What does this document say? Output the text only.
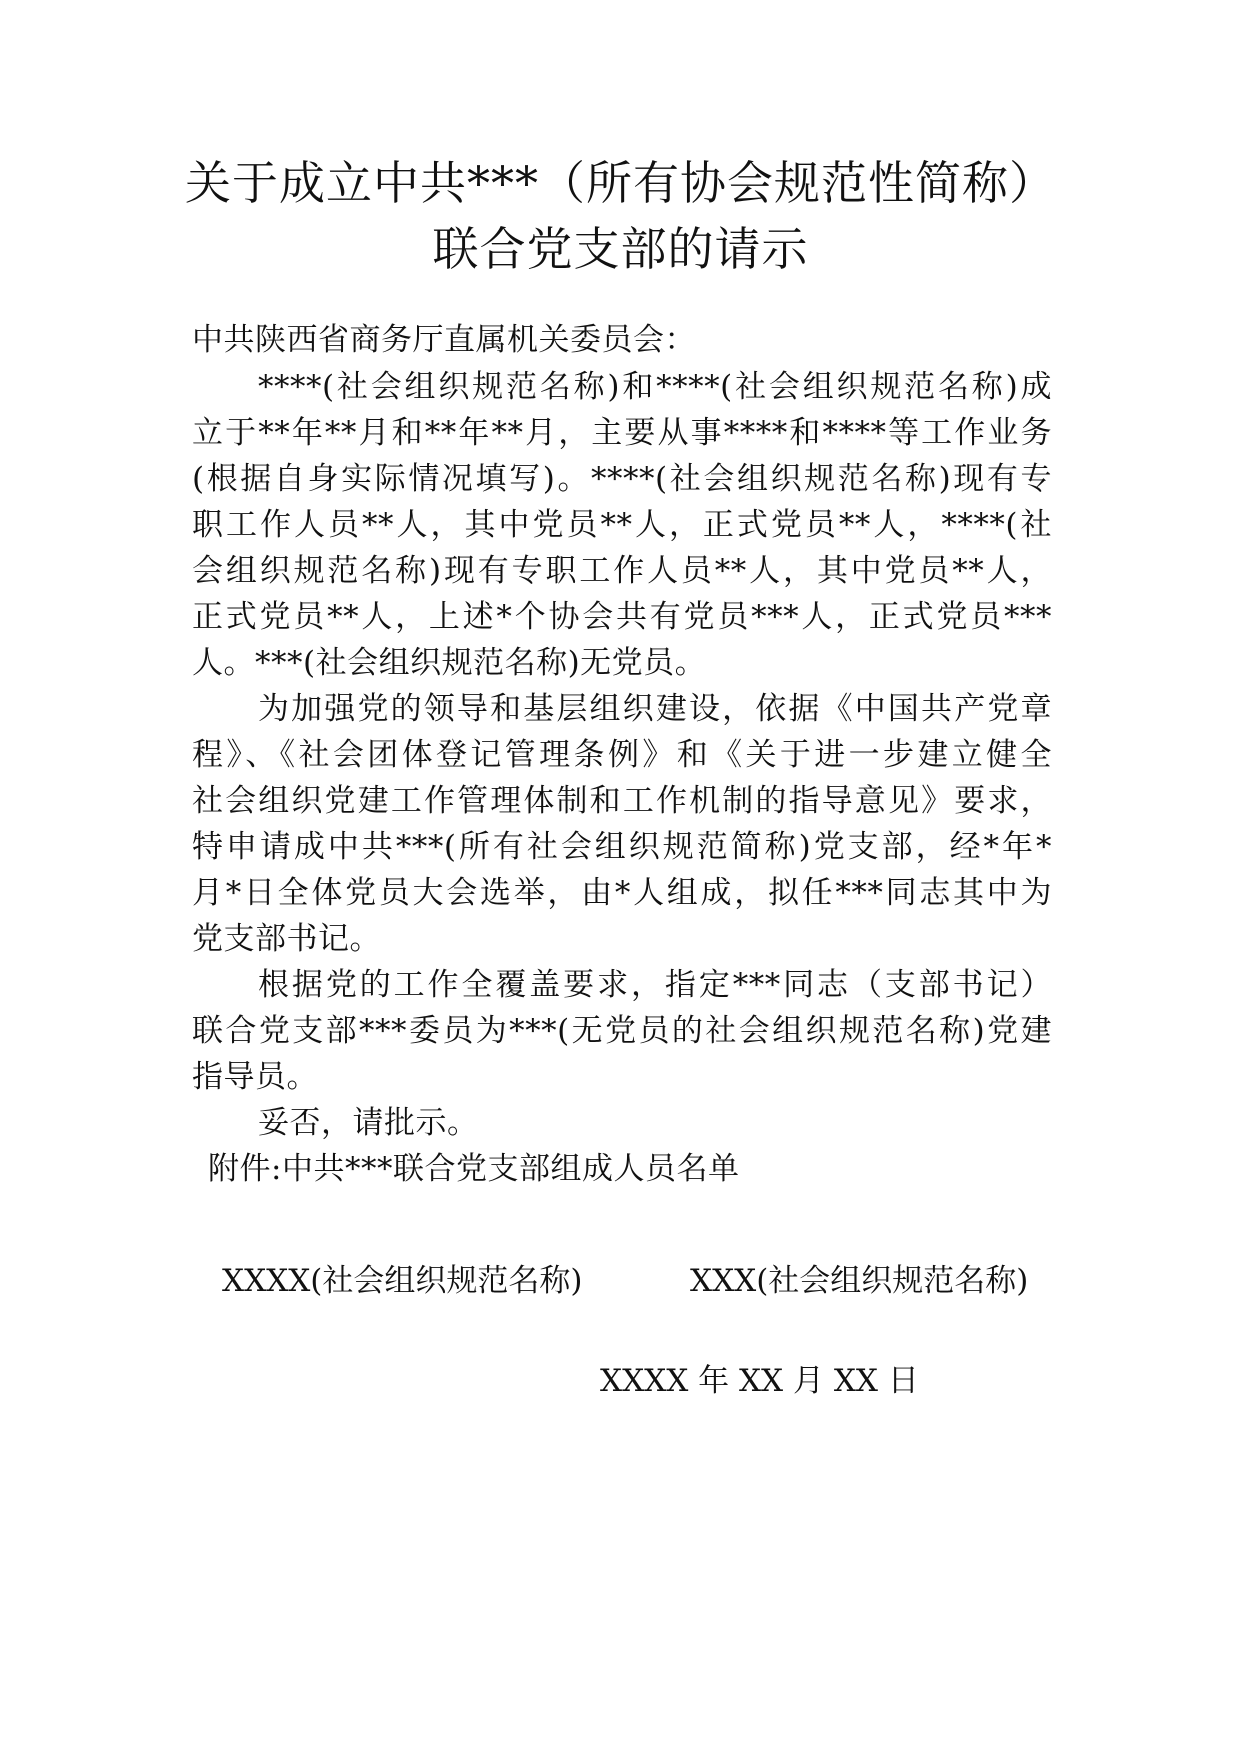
关于成立中共***（所有协会规范性简称）
联合党支部的请示
中共陕西省商务厅直属机关委员会：
****(社会组织规范名称)和****(社会组织规范名称)成
立于**年**月和**年**月，主要从事****和****等工作业务
(根据自身实际情况填写)。****(社会组织规范名称)现有专
职工作人员**人，其中党员**人，正式党员**人，****(社
会组织规范名称)现有专职工作人员**人，其中党员**人，
正式党员**人，上述*个协会共有党员***人，正式党员***
人。***(社会组织规范名称)无党员。
为加强党的领导和基层组织建设，依据《中国共产党章
程》、《社会团体登记管理条例》和《关于进一步建立健全
社会组织党建工作管理体制和工作机制的指导意见》要求，
特申请成中共***(所有社会组织规范简称)党支部，经*年*
月*日全体党员大会选举，由*人组成，拟任***同志其中为
党支部书记。
根据党的工作全覆盖要求，指定***同志（支部书记）
联合党支部***委员为***(无党员的社会组织规范名称)党建
指导员。
妥否，请批示。
附件:中共***联合党支部组成人员名单
XXXX(社会组织规范名称)	XXX(社会组织规范名称)
XXXX 年 XX 月 XX 日
